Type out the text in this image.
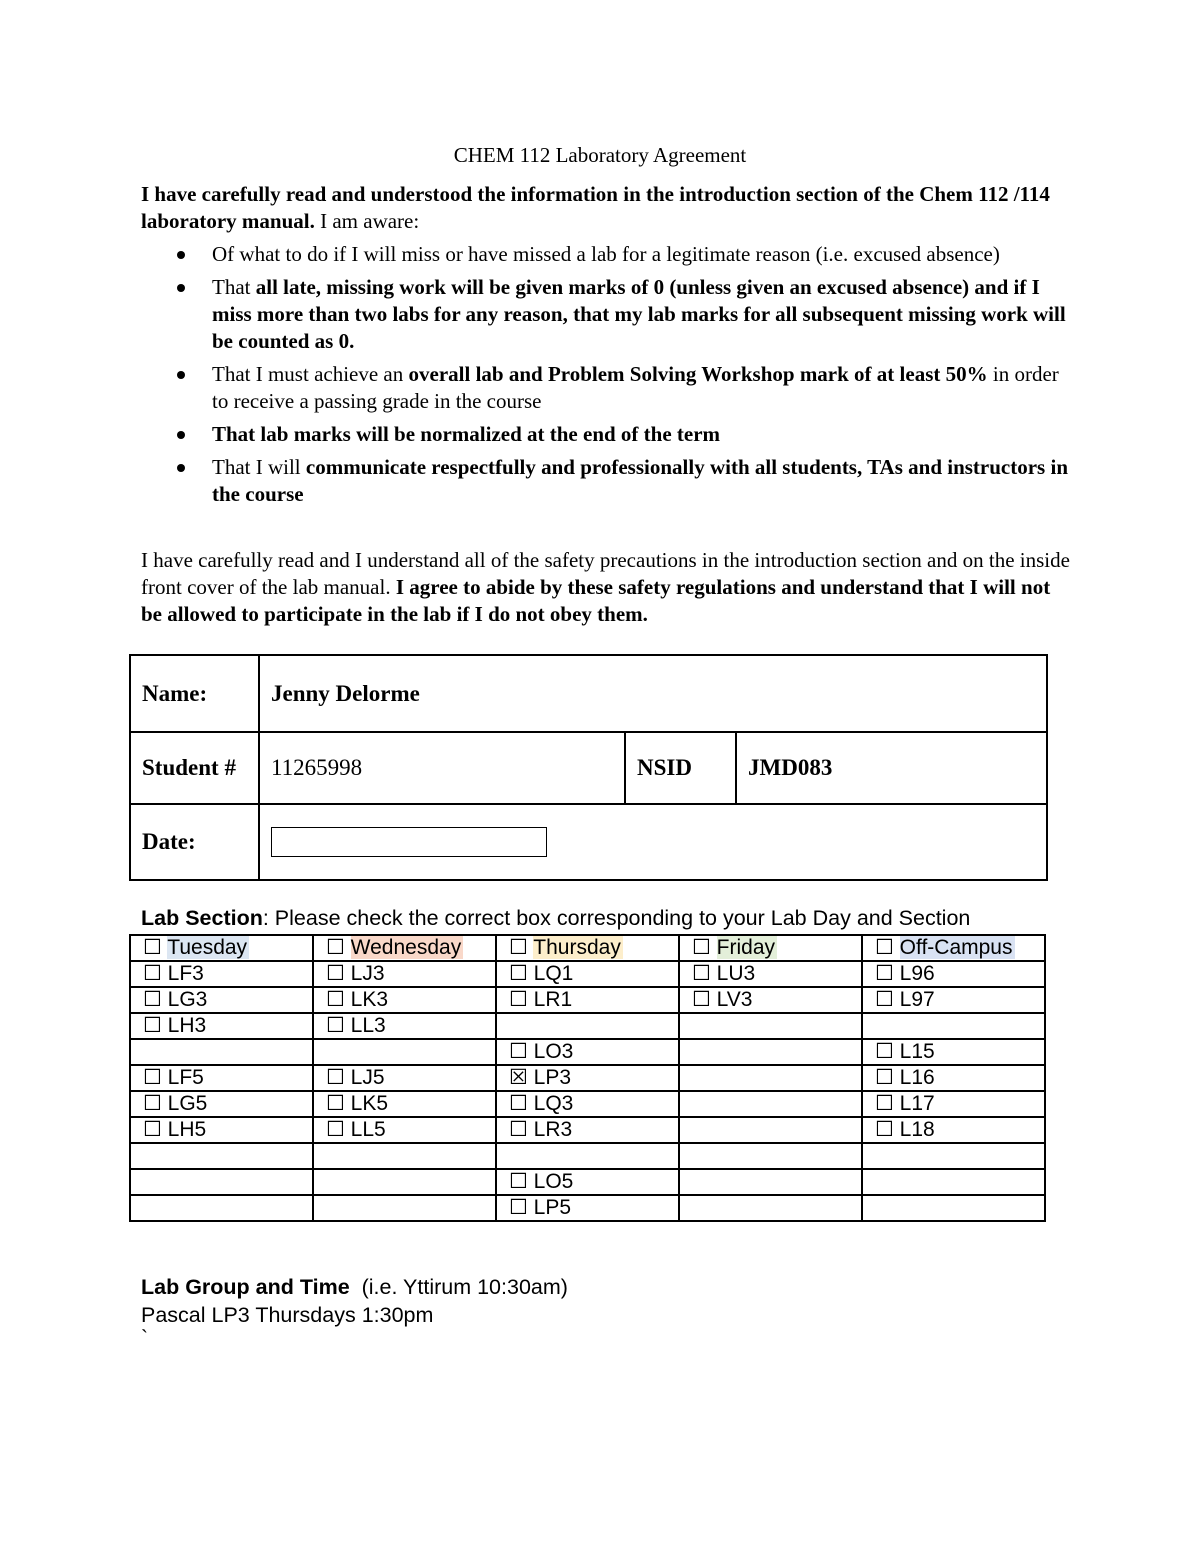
CHEM 112 Laboratory Agreement
I have carefully read and understood the information in the introduction section of the Chem 112 /114 laboratory manual. I am aware:
Of what to do if I will miss or have missed a lab for a legitimate reason (i.e. excused absence)
That all late, missing work will be given marks of 0 (unless given an excused absence) and if I miss more than two labs for any reason, that my lab marks for all subsequent missing work will be counted as 0.
That I must achieve an overall lab and Problem Solving Workshop mark of at least 50% in order to receive a passing grade in the course
That lab marks will be normalized at the end of the term
That I will communicate respectfully and professionally with all students, TAs and instructors in the course
I have carefully read and I understand all of the safety precautions in the introduction section and on the inside front cover of the lab manual. I agree to abide by these safety regulations and understand that I will not be allowed to participate in the lab if I do not obey them.
Name:	Jenny Delorme
Student # 11265998	NSID JMD083
Date:
Lab Section: Please check the correct box corresponding to your Lab Day and Section
☐ Tuesday	☐ Wednesday	☐ Thursday	☐ Friday	☐ Off-Campus
☐ LF3	☐ LJ3	☐ LQ1	☐ LU3	☐ L96
☐ LG3	☐ LK3	☐ LR1	☐ LV3	☐ L97
☐ LH3	☐ LL3			
		☐ LO3		☐ L15
☐ LF5	☐ LJ5	☒ LP3		☐ L16
☐ LG5	☐ LK5	☐ LQ3		☐ L17
☐ LH5	☐ LL5	☐ LR3		☐ L18

		☐ LO5		
		☐ LP5		
Lab Group and Time (i.e. Yttirum 10:30am)
Pascal LP3 Thursdays 1:30pm
`
